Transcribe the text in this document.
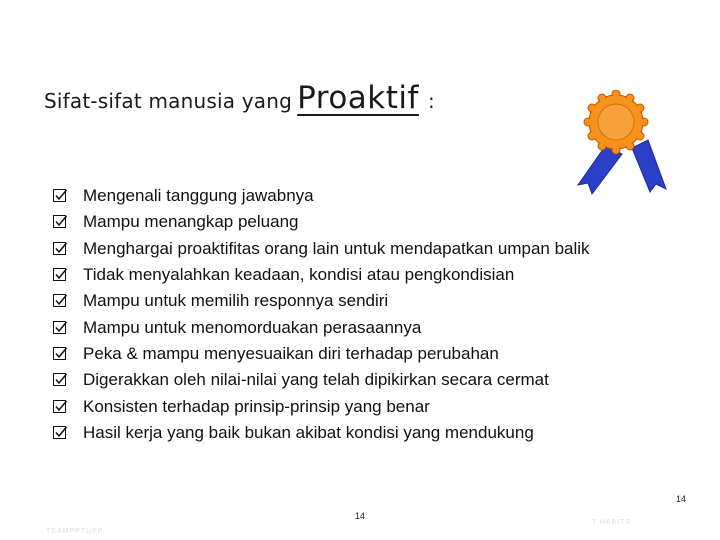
Sifat-sifat manusia yang Proaktif :
Mengenali tanggung jawabnya
Mampu menangkap peluang
Menghargai proaktifitas orang lain untuk mendapatkan umpan balik
Tidak menyalahkan keadaan, kondisi atau pengkondisian
Mampu untuk memilih responnya sendiri
Mampu untuk menomorduakan perasaannya
Peka & mampu menyesuaikan diri terhadap perubahan
Digerakkan oleh nilai-nilai yang telah dipikirkan secara cermat
Konsisten terhadap prinsip-prinsip yang benar
Hasil kerja yang baik bukan akibat kondisi yang mendukung
14
14
TEAMPPTUPP
7 HABITS
